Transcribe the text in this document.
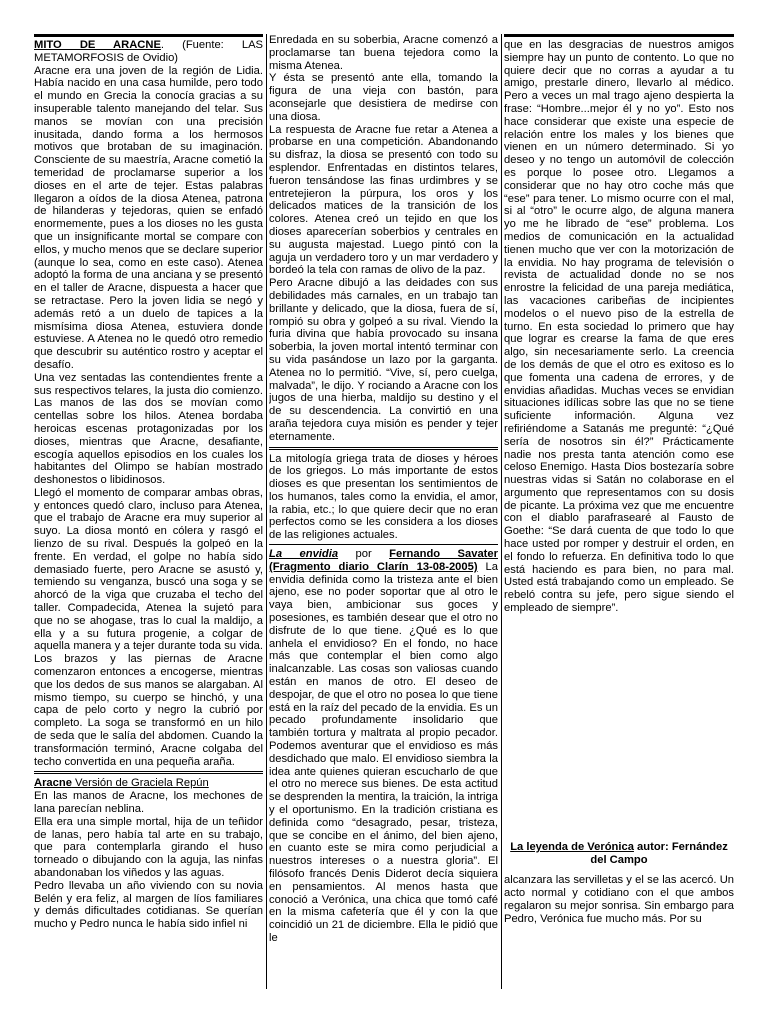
MITO DE ARACNE. (Fuente: LAS METAMORFOSIS de Ovidio)

Aracne era una joven de la región de Lidia. Había nacido en una casa humilde, pero todo el mundo en Grecia la conocía gracias a su insuperable talento manejando del telar. Sus manos se movían con una precisión inusitada, dando forma a los hermosos motivos que brotaban de su imaginación. Consciente de su maestría, Aracne cometió la temeridad de proclamarse superior a los dioses en el arte de tejer. Estas palabras llegaron a oídos de la diosa Atenea, patrona de hilanderas y tejedoras, quien se enfadó enormemente, pues a los dioses no les gusta que un insignificante mortal se compare con ellos, y mucho menos que se declare superior (aunque lo sea, como en este caso). Atenea adoptó la forma de una anciana y se presentó en el taller de Aracne, dispuesta a hacer que se retractase. Pero la joven lidia se negó y además retó a un duelo de tapices a la mismísima diosa Atenea, estuviera donde estuviese. A Atenea no le quedó otro remedio que descubrir su auténtico rostro y aceptar el desafío.

Una vez sentadas las contendientes frente a sus respectivos telares, la justa dio comienzo. Las manos de las dos se movían como centellas sobre los hilos. Atenea bordaba heroicas escenas protagonizadas por los dioses, mientras que Aracne, desafiante, escogía aquellos episodios en los cuales los habitantes del Olimpo se habían mostrado deshonestos o libidinosos.

Llegó el momento de comparar ambas obras, y entonces quedó claro, incluso para Atenea, que el trabajo de Aracne era muy superior al suyo. La diosa montó en cólera y rasgó el lienzo de su rival. Después la golpeó en la frente. En verdad, el golpe no había sido demasiado fuerte, pero Aracne se asustó y, temiendo su venganza, buscó una soga y se ahorcó de la viga que cruzaba el techo del taller. Compadecida, Atenea la sujetó para que no se ahogase, tras lo cual la maldijo, a ella y a su futura progenie, a colgar de aquella manera y a tejer durante toda su vida. Los brazos y las piernas de Aracne comenzaron entonces a encogerse, mientras que los dedos de sus manos se alargaban. Al mismo tiempo, su cuerpo se hinchó, y una capa de pelo corto y negro la cubrió por completo. La soga se transformó en un hilo de seda que le salía del abdomen. Cuando la transformación terminó, Aracne colgaba del techo convertida en una pequeña araña.

Aracne Versión de Graciela Repún

En las manos de Aracne, los mechones de lana parecían neblina.

Ella era una simple mortal, hija de un teñidor de lanas, pero había tal arte en su trabajo, que para contemplarla girando el huso torneado o dibujando con la aguja, las ninfas abandonaban los viñedos y las aguas.

Pedro llevaba un año viviendo con su novia Belén y era feliz, al margen de líos familiares y demás dificultades cotidianas. Se querían mucho y Pedro nunca le había sido infiel ni

Enredada en su soberbia, Aracne comenzó a proclamarse tan buena tejedora como la misma Atenea.

Y ésta se presentó ante ella, tomando la figura de una vieja con bastón, para aconsejarle que desistiera de medirse con una diosa.

La respuesta de Aracne fue retar a Atenea a probarse en una competición. Abandonando su disfraz, la diosa se presentó con todo su esplendor. Enfrentadas en distintos telares, fueron tensándose las finas urdimbres y se entretejieron la púrpura, los oros y los delicados matices de la transición de los colores. Atenea creó un tejido en que los dioses aparecerían soberbios y centrales en su augusta majestad. Luego pintó con la aguja un verdadero toro y un mar verdadero y bordeó la tela con ramas de olivo de la paz.

Pero Aracne dibujó a las deidades con sus debilidades más carnales, en un trabajo tan brillante y delicado, que la diosa, fuera de sí, rompió su obra y golpeó a su rival. Viendo la furia divina que había provocado su insana soberbia, la joven mortal intentó terminar con su vida pasándose un lazo por la garganta. Atenea no lo permitió. “Vive, sí, pero cuelga, malvada”, le dijo. Y rociando a Aracne con los jugos de una hierba, maldijo su destino y el de su descendencia. La convirtió en una araña tejedora cuya misión es pender y tejer eternamente.

La mitología griega trata de dioses y héroes de los griegos. Lo más importante de estos dioses es que presentan los sentimientos de los humanos, tales como la envidia, el amor, la rabia, etc.; lo que quiere decir que no eran perfectos como se les considera a los dioses de las religiones actuales.

La envidia por Fernando Savater (Fragmento diario Clarín 13-08-2005) La envidia definida como la tristeza ante el bien ajeno, ese no poder soportar que al otro le vaya bien, ambicionar sus goces y posesiones, es también desear que el otro no disfrute de lo que tiene. ¿Qué es lo que anhela el envidioso? En el fondo, no hace más que contemplar el bien como algo inalcanzable. Las cosas son valiosas cuando están en manos de otro. El deseo de despojar, de que el otro no posea lo que tiene está en la raíz del pecado de la envidia. Es un pecado profundamente insolidario que también tortura y maltrata al propio pecador. Podemos aventurar que el envidioso es más desdichado que malo. El envidioso siembra la idea ante quienes quieran escucharlo de que el otro no merece sus bienes. De esta actitud se desprenden la mentira, la traición, la intriga y el oportunismo. En la tradición cristiana es definida como “desagrado, pesar, tristeza, que se concibe en el ánimo, del bien ajeno, en cuanto este se mira como perjudicial a nuestros intereses o a nuestra gloria”. El filósofo francés Denis Diderot decía siquiera en pensamientos. Al menos hasta que conoció a Verónica, una chica que tomó café en la misma cafetería que él y con la que coincidió un 21 de diciembre. Ella le pidió que le

que en las desgracias de nuestros amigos siempre hay un punto de contento. Lo que no quiere decir que no corras a ayudar a tu amigo, prestarle dinero, llevarlo al médico. Pero a veces un mal trago ajeno despierta la frase: “Hombre...mejor él y no yo”. Esto nos hace considerar que existe una especie de relación entre los males y los bienes que vienen en un número determinado. Si yo deseo y no tengo un automóvil de colección es porque lo posee otro. Llegamos a considerar que no hay otro coche más que “ese” para tener. Lo mismo ocurre con el mal, si al “otro” le ocurre algo, de alguna manera yo me he librado de “ese” problema. Los medios de comunicación en la actualidad tienen mucho que ver con la motorización de la envidia. No hay programa de televisión o revista de actualidad donde no se nos enrostre la felicidad de una pareja mediática, las vacaciones caribeñas de incipientes modelos o el nuevo piso de la estrella de turno. En esta sociedad lo primero que hay que lograr es crearse la fama de que eres algo, sin necesariamente serlo. La creencia de los demás de que el otro es exitoso es lo que fomenta una cadena de errores, y de envidias añadidas. Muchas veces se envidian situaciones idílicas sobre las que no se tiene suficiente información. Alguna vez refiriéndome a Satanás me preguntė: “¿Qué sería de nosotros sin él?” Prácticamente nadie nos presta tanta atención como ese celoso Enemigo. Hasta Dios bostezaría sobre nuestras vidas si Satán no colaborase en el argumento que representamos con su dosis de picante. La próxima vez que me encuentre con el diablo parafrasearé al Fausto de Goethe: “Se dará cuenta de que todo lo que hace usted por romper y destruir el orden, en el fondo lo refuerza. En definitiva todo lo que está haciendo es para bien, no para mal. Usted está trabajando como un empleado. Se rebeló contra su jefe, pero sigue siendo el empleado de siempre”.

La leyenda de Verónica autor: Fernández del Campo

alcanzara las servilletas y el se las acercó. Un acto normal y cotidiano con el que ambos regalaron su mejor sonrisa. Sin embargo para Pedro, Verónica fue mucho más. Por su
